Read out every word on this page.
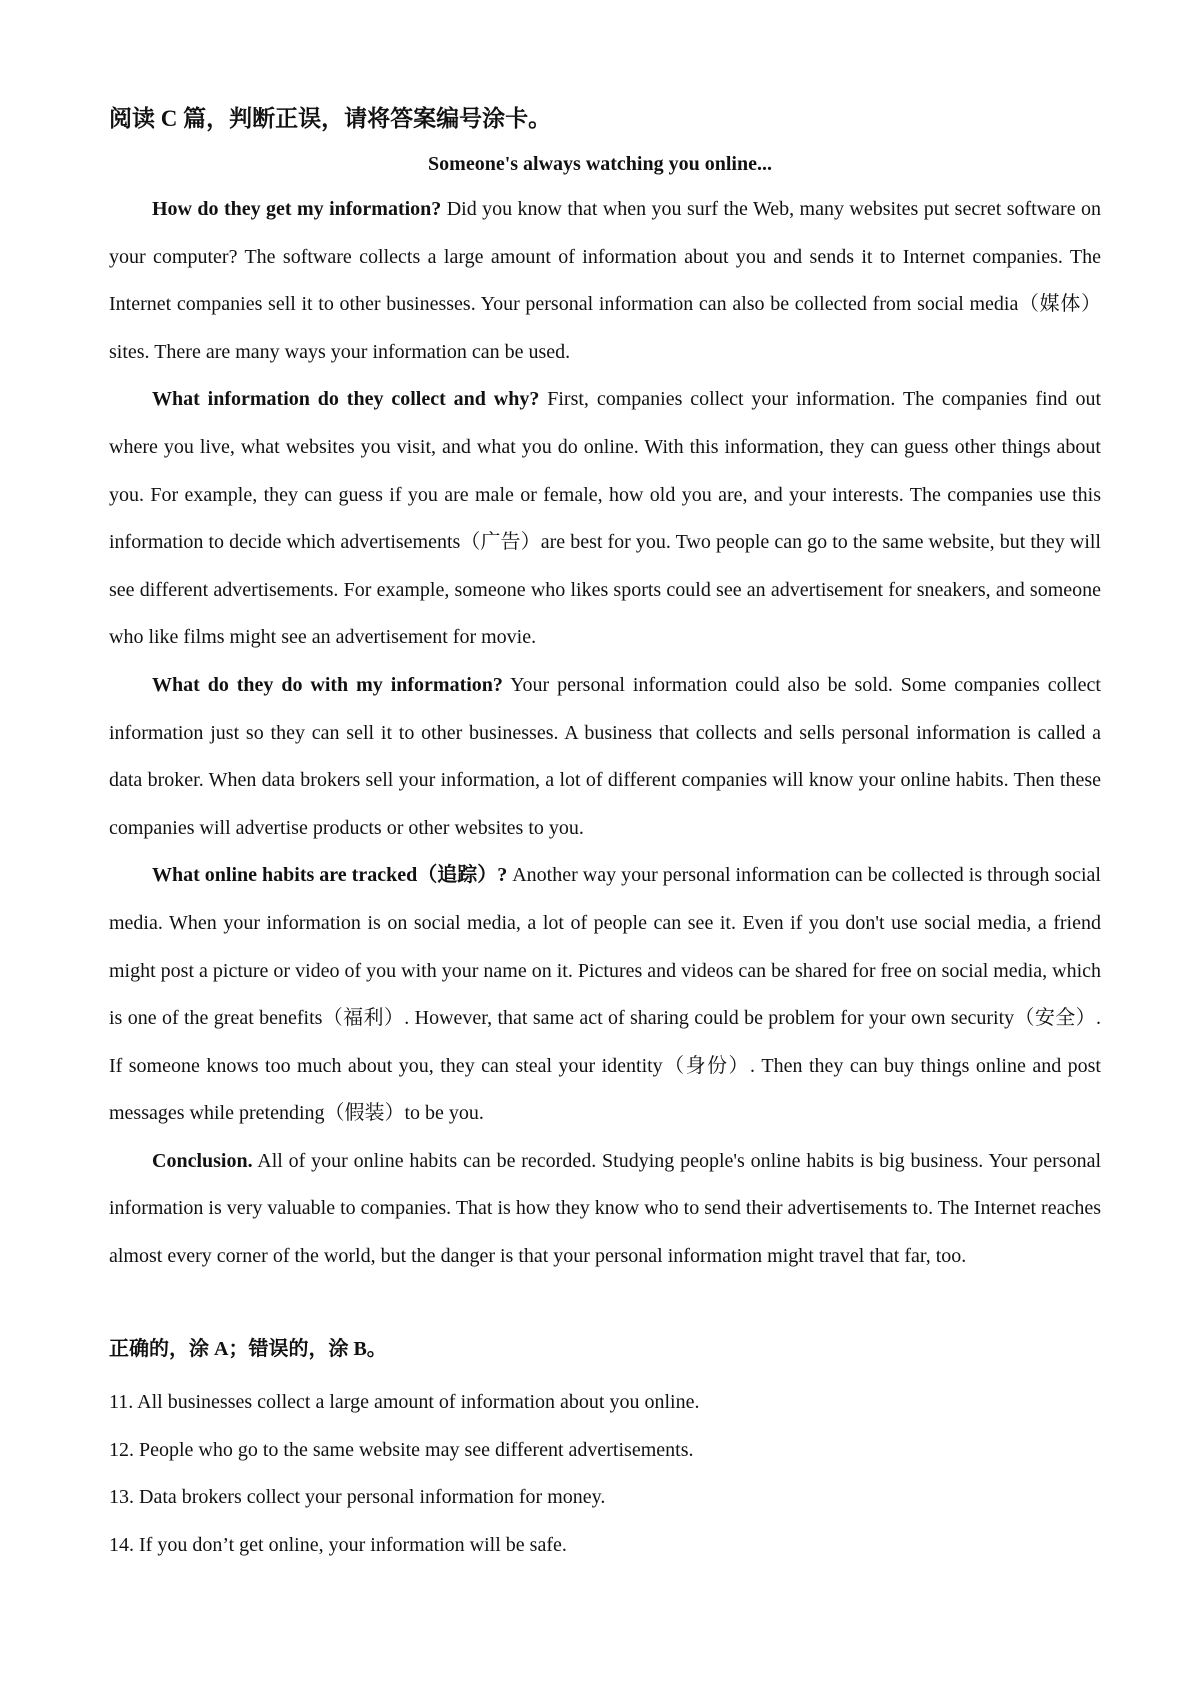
阅读 C 篇，判断正误，请将答案编号涂卡。

Someone's always watching you online...

How do they get my information? Did you know that when you surf the Web, many websites put secret software on your computer? The software collects a large amount of information about you and sends it to Internet companies. The Internet companies sell it to other businesses. Your personal information can also be collected from social media（媒体）sites. There are many ways your information can be used.

What information do they collect and why? First, companies collect your information. The companies find out where you live, what websites you visit, and what you do online. With this information, they can guess other things about you. For example, they can guess if you are male or female, how old you are, and your interests. The companies use this information to decide which advertisements（广告）are best for you. Two people can go to the same website, but they will see different advertisements. For example, someone who likes sports could see an advertisement for sneakers, and someone who like films might see an advertisement for movie.

What do they do with my information? Your personal information could also be sold. Some companies collect information just so they can sell it to other businesses. A business that collects and sells personal information is called a data broker. When data brokers sell your information, a lot of different companies will know your online habits. Then these companies will advertise products or other websites to you.

What online habits are tracked（追踪）? Another way your personal information can be collected is through social media. When your information is on social media, a lot of people can see it. Even if you don't use social media, a friend might post a picture or video of you with your name on it. Pictures and videos can be shared for free on social media, which is one of the great benefits（福利）. However, that same act of sharing could be problem for your own security（安全）. If someone knows too much about you, they can steal your identity（身份）. Then they can buy things online and post messages while pretending（假装）to be you.

Conclusion. All of your online habits can be recorded. Studying people's online habits is big business. Your personal information is very valuable to companies. That is how they know who to send their advertisements to. The Internet reaches almost every corner of the world, but the danger is that your personal information might travel that far, too.

正确的，涂 A；错误的，涂 B。

11. All businesses collect a large amount of information about you online.
12. People who go to the same website may see different advertisements.
13. Data brokers collect your personal information for money.
14. If you don’t get online, your information will be safe.
